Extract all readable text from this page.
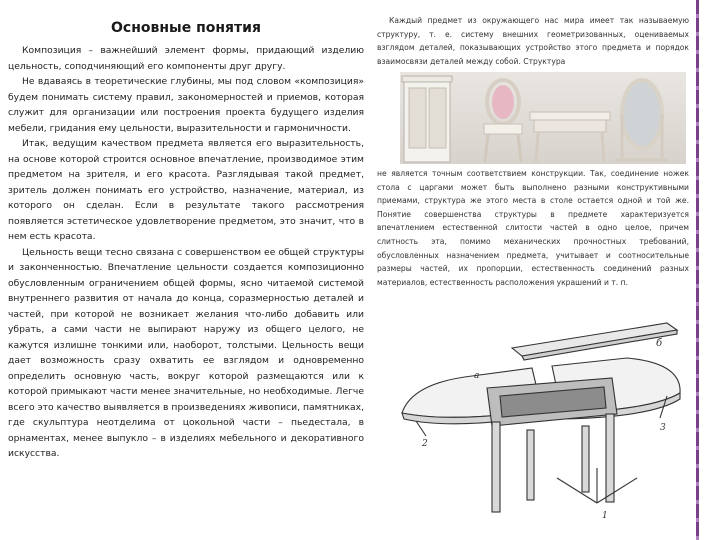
Основные понятия

Композиция – важнейший элемент формы, придающий изделию цельность, соподчиняющий его компоненты друг другу.

Не вдаваясь в теоретические глубины, мы под словом «композиция» будем понимать систему правил, закономерностей и приемов, которая служит для организации или построения проекта будущего изделия мебели, гридания ему цельности, выразительности и гармоничности.

Итак, ведущим качеством предмета является его выразительность, на основе которой строится основное впечатление, производимое этим предметом на зрителя, и его красота. Разглядывая такой предмет, зритель должен понимать его устройство, назначение, материал, из которого он сделан. Если в результате такого рассмотрения появляется эстетическое удовлетворение предметом, это значит, что в нем есть красота.

Цельность вещи тесно связана с совершенством ее общей структуры и законченностью. Впечатление цельности создается композиционно обусловленным ограничением общей формы, ясно читаемой системой внутреннего развития от начала до конца, соразмерностью деталей и частей, при которой не возникает желания что-либо добавить или убрать, а сами части не выпирают наружу из общего целого, не кажутся излишне тонкими или, наоборот, толстыми. Цельность вещи дает возможность сразу охватить ее взглядом и одновременно определить основную часть, вокруг которой размещаются или к которой примыкают части менее значительные, но необходимые. Легче всего это качество выявляется в произведениях живописи, памятниках, где скульптура неотделима от цокольной части – пьедестала, в орнаментах, менее выпукло – в изделиях мебельного и декоративного искусства.

Каждый предмет из окружающего нас мира имеет так называемую структуру, т. е. систему внешних геометризованных, оцениваемых взглядом деталей, показывающих устройство этого предмета и порядок взаимосвязи деталей между собой. Структура

не является точным соответствием конструкции. Так, соединение ножек стола с царгами может быть выполнено разными конструктивными приемами, структура же этого места в столе остается одной и той же. Понятие совершенства структуры в предмете характеризуется впечатлением естественной слитости частей в одно целое, причем слитность эта, помимо механических прочностных требований, обусловленных назначением предмета, учитывает и соотносительные размеры частей, их пропорции, естественность соединений разных материалов, естественность расположения украшений и т. п.

б
2
3
1
а
